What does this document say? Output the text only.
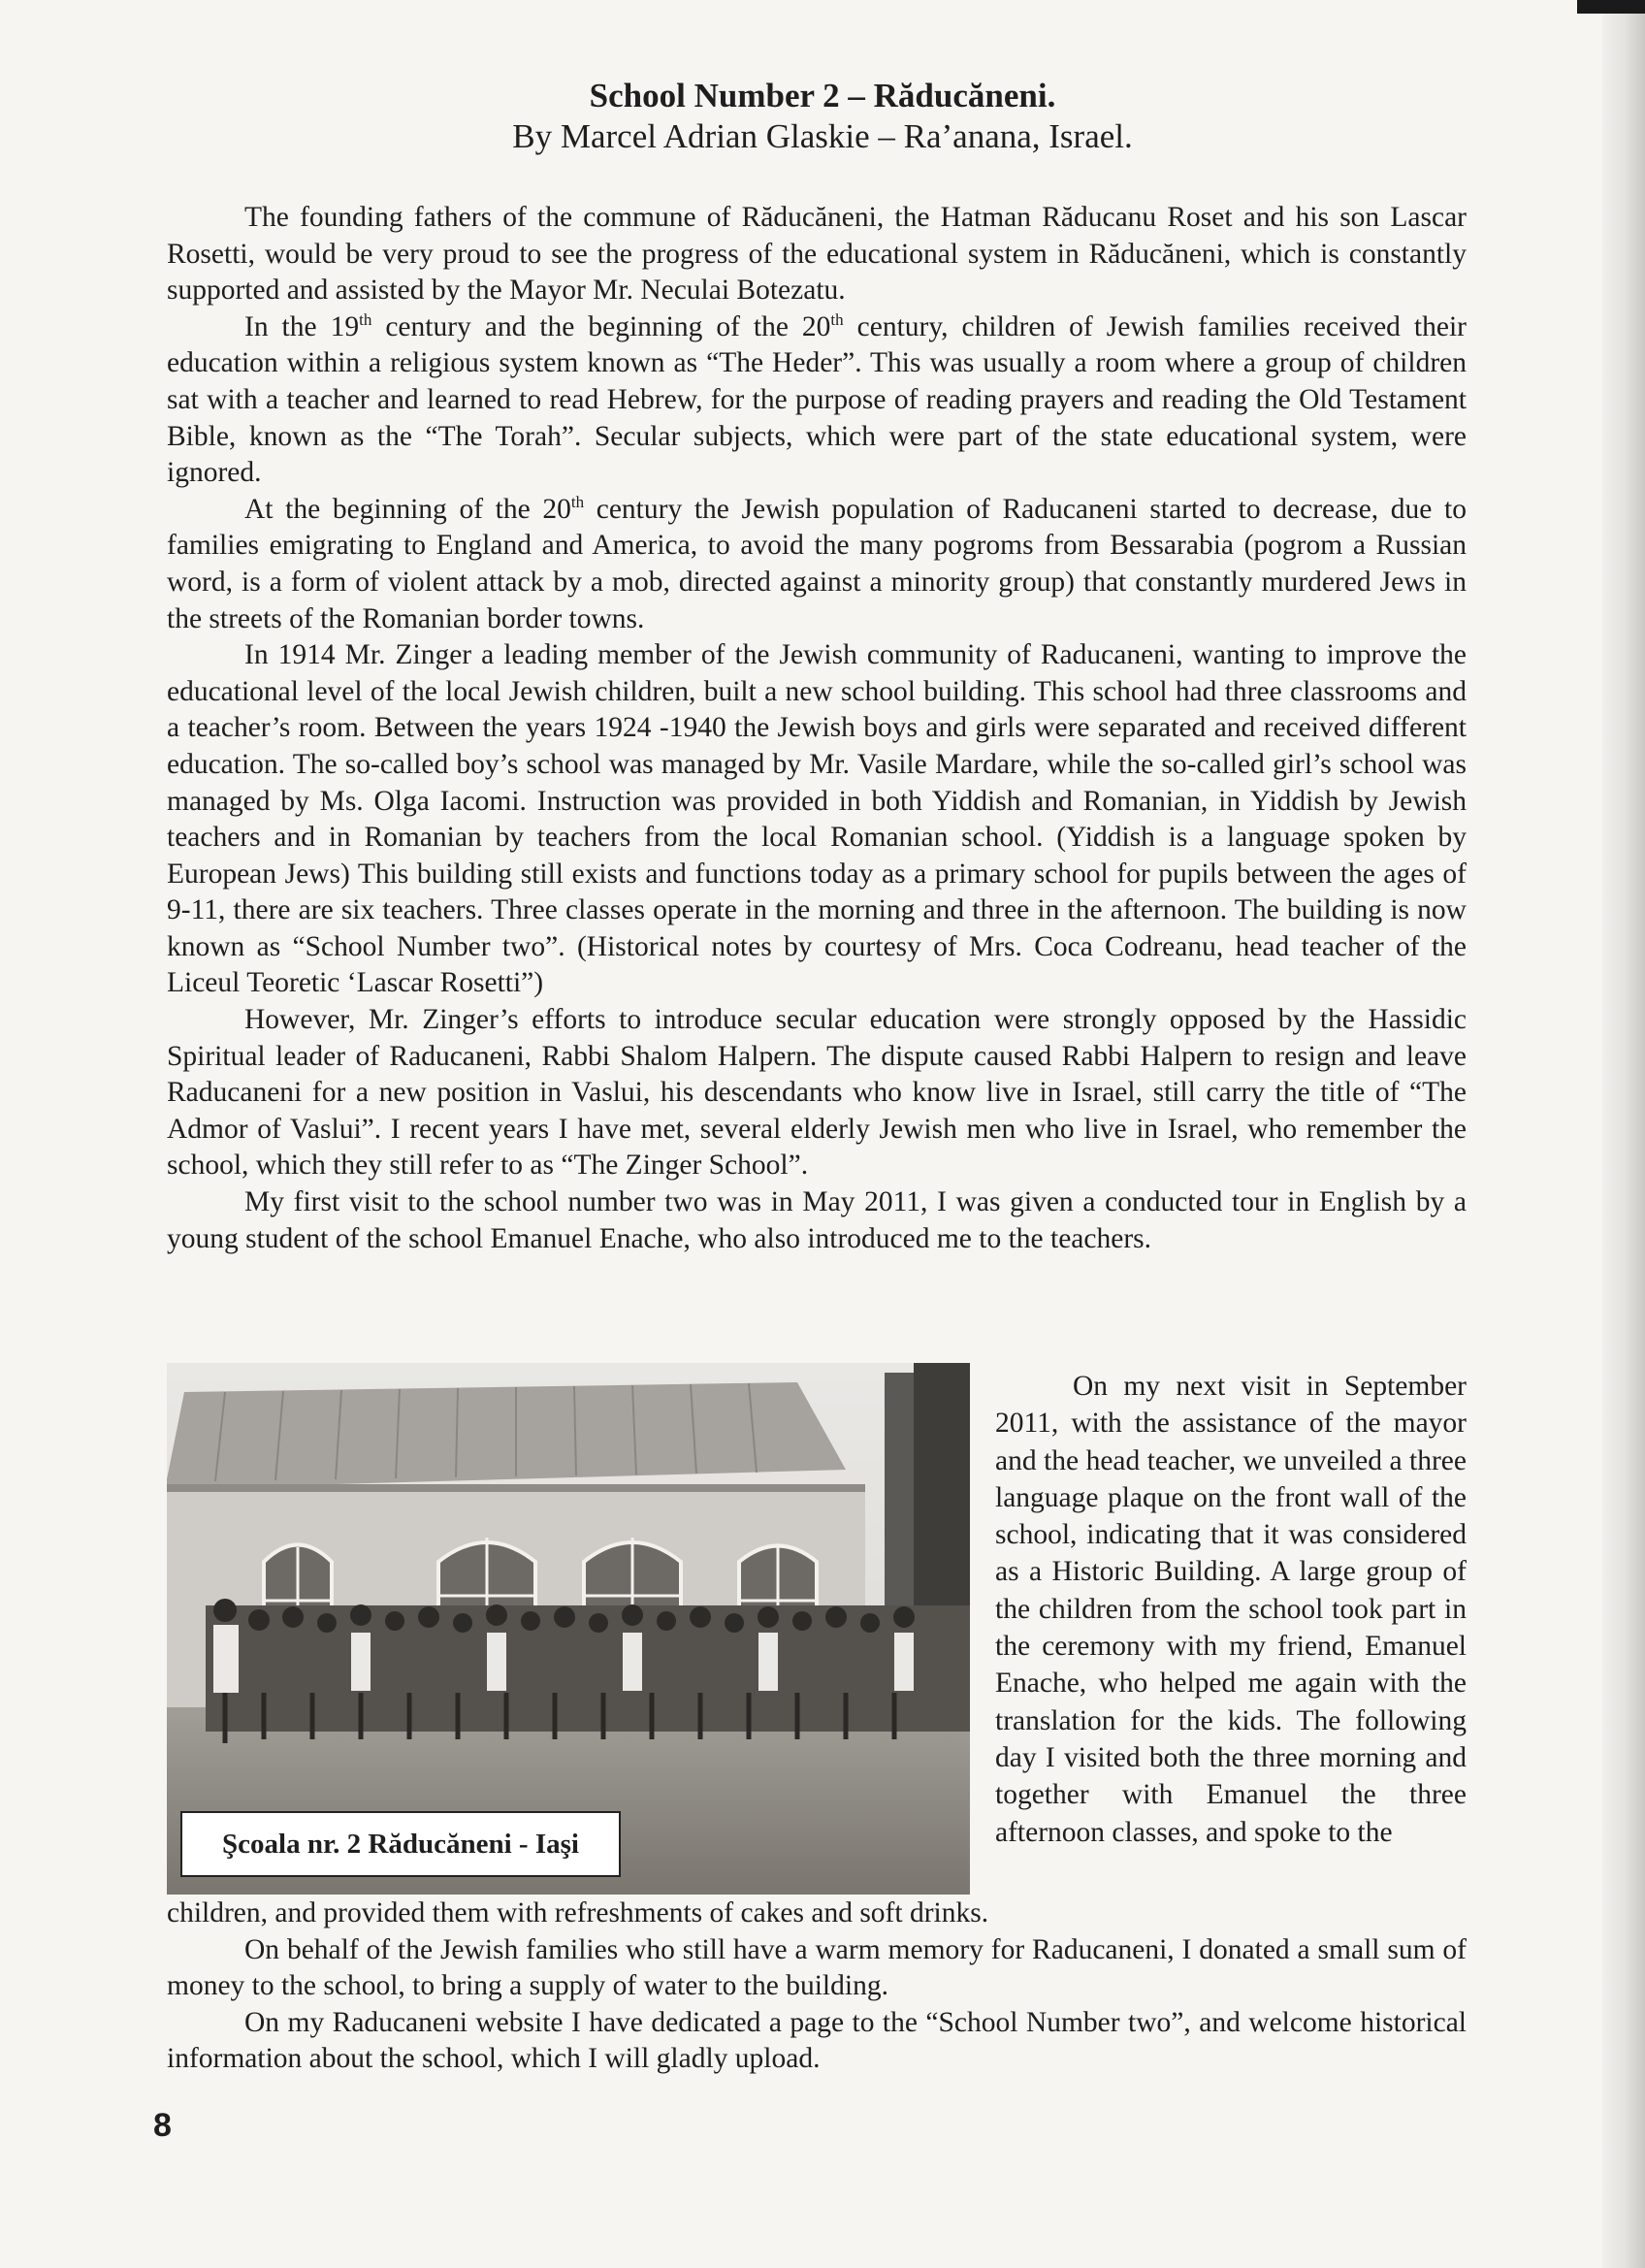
School Number 2 – Răducăneni.
By Marcel Adrian Glaskie – Ra’anana, Israel.

The founding fathers of the commune of Răducăneni, the Hatman Răducanu Roset and his son Lascar Rosetti, would be very proud to see the progress of the educational system in Răducăneni, which is constantly supported and assisted by the Mayor Mr. Neculai Botezatu.

In the 19th century and the beginning of the 20th century, children of Jewish families received their education within a religious system known as “The Heder”. This was usually a room where a group of children sat with a teacher and learned to read Hebrew, for the purpose of reading prayers and reading the Old Testament Bible, known as the “The Torah”. Secular subjects, which were part of the state educational system, were ignored.

At the beginning of the 20th century the Jewish population of Raducaneni started to decrease, due to families emigrating to England and America, to avoid the many pogroms from Bessarabia (pogrom a Russian word, is a form of violent attack by a mob, directed against a minority group) that constantly murdered Jews in the streets of the Romanian border towns.

In 1914 Mr. Zinger a leading member of the Jewish community of Raducaneni, wanting to improve the educational level of the local Jewish children, built a new school building. This school had three classrooms and a teacher’s room. Between the years 1924 -1940 the Jewish boys and girls were separated and received different education. The so-called boy’s school was managed by Mr. Vasile Mardare, while the so-called girl’s school was managed by Ms. Olga Iacomi. Instruction was provided in both Yiddish and Romanian, in Yiddish by Jewish teachers and in Romanian by teachers from the local Romanian school. (Yiddish is a language spoken by European Jews) This building still exists and functions today as a primary school for pupils between the ages of 9-11, there are six teachers. Three classes operate in the morning and three in the afternoon. The building is now known as “School Number two”. (Historical notes by courtesy of Mrs. Coca Codreanu, head teacher of the Liceul Teoretic ‘Lascar Rosetti”)

However, Mr. Zinger’s efforts to introduce secular education were strongly opposed by the Hassidic Spiritual leader of Raducaneni, Rabbi Shalom Halpern. The dispute caused Rabbi Halpern to resign and leave Raducaneni for a new position in Vaslui, his descendants who know live in Israel, still carry the title of “The Admor of Vaslui”. I recent years I have met, several elderly Jewish men who live in Israel, who remember the school, which they still refer to as “The Zinger School”.

My first visit to the school number two was in May 2011, I was given a conducted tour in English by a young student of the school Emanuel Enache, who also introduced me to the teachers.

Şcoala nr. 2 Răducăneni - Iaşi

On my next visit in September 2011, with the assistance of the mayor and the head teacher, we unveiled a three language plaque on the front wall of the school, indicating that it was considered as a Historic Building. A large group of the children from the school took part in the ceremony with my friend, Emanuel Enache, who helped me again with the translation for the kids. The following day I visited both the three morning and together with Emanuel the three afternoon classes, and spoke to the

children, and provided them with refreshments of cakes and soft drinks.

On behalf of the Jewish families who still have a warm memory for Raducaneni, I donated a small sum of money to the school, to bring a supply of water to the building.

On my Raducaneni website I have dedicated a page to the “School Number two”, and welcome historical information about the school, which I will gladly upload.

8
